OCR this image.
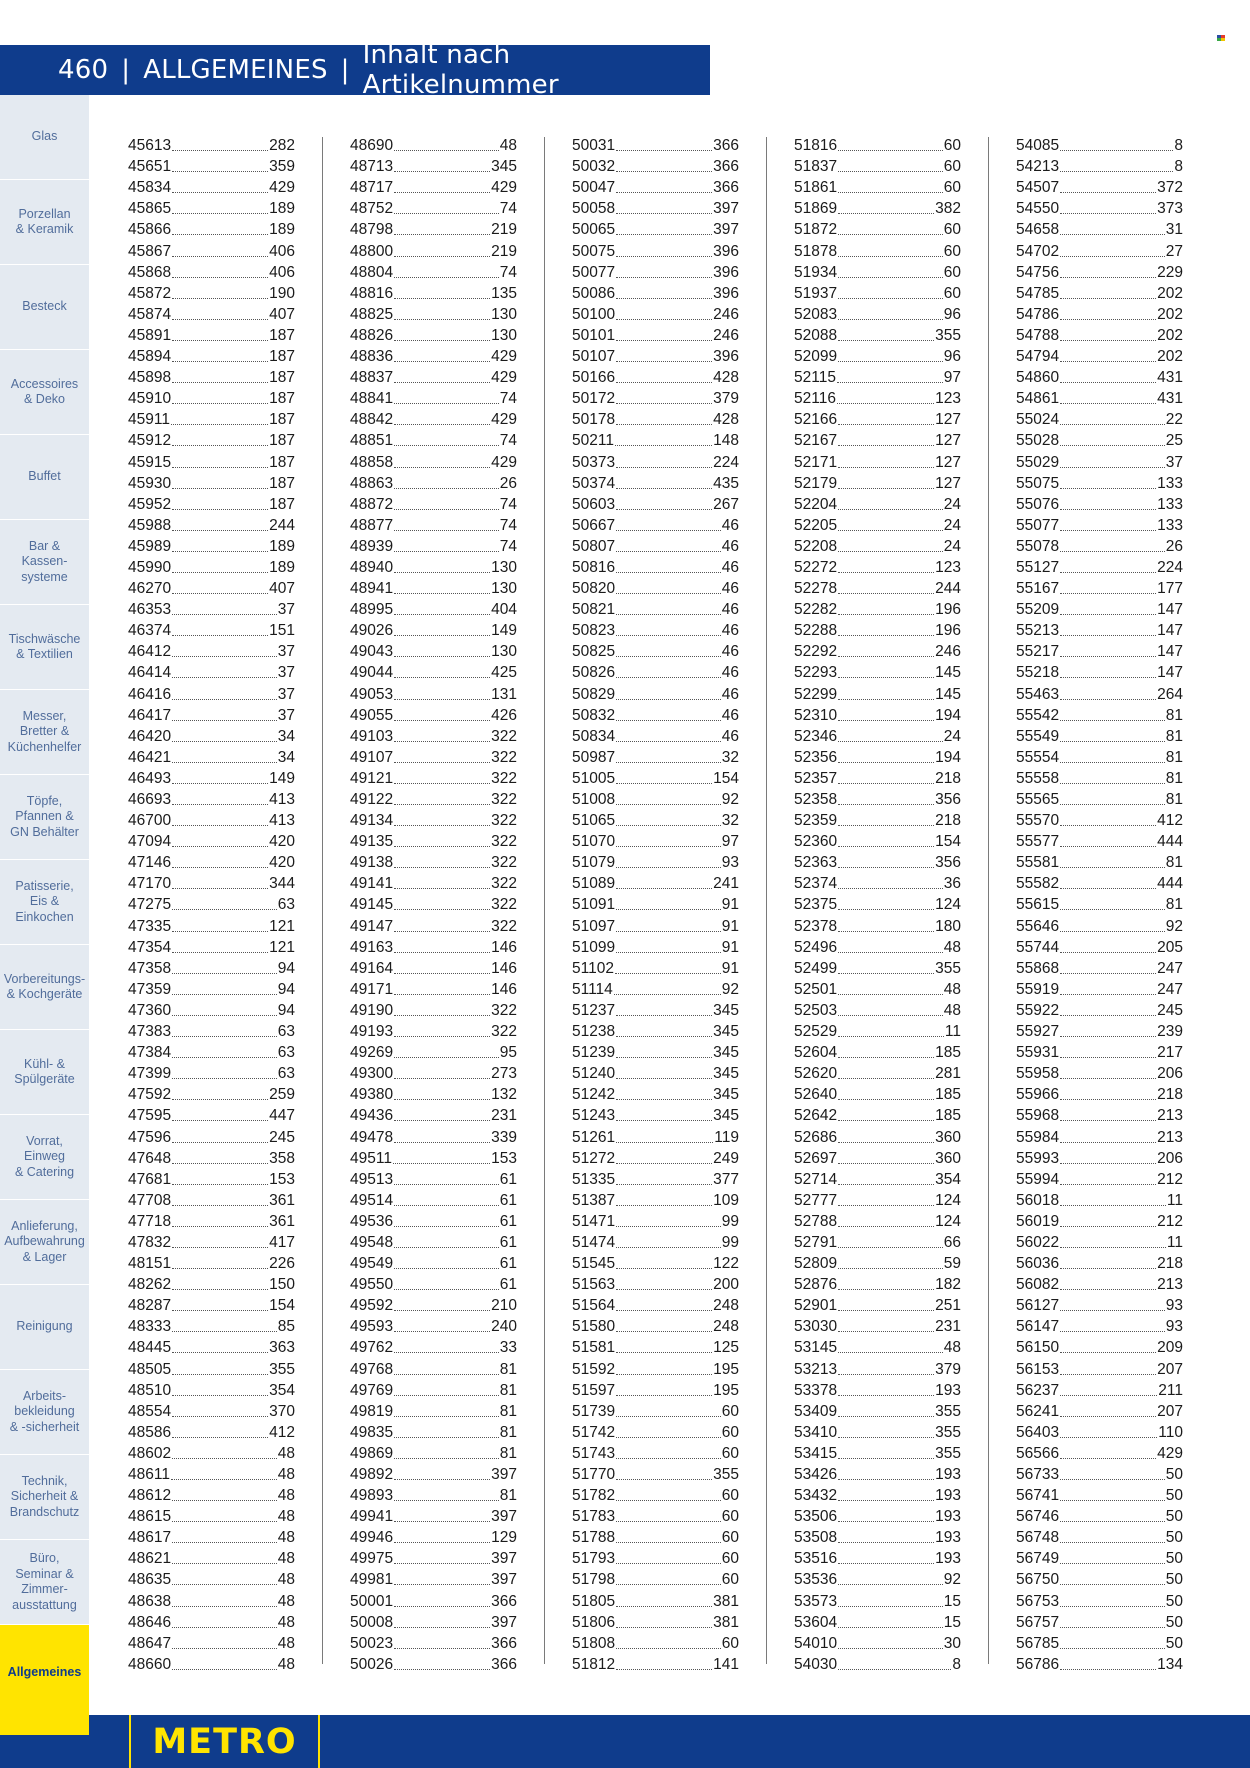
460 | ALLGEMEINES | Inhalt nach Artikelnummer
Glas
Porzellan
& Keramik
Besteck
Accessoires
& Deko
Buffet
Bar &
Kassen-
systeme
Tischwäsche
& Textilien
Messer,
Bretter &
Küchenhelfer
Töpfe,
Pfannen &
GN Behälter
Patisserie,
Eis &
Einkochen
Vorbereitungs-
& Kochgeräte
Kühl- &
Spülgeräte
Vorrat,
Einweg
& Catering
Anlieferung,
Aufbewahrung
& Lager
Reinigung
Arbeits-
bekleidung
& -sicherheit
Technik,
Sicherheit &
Brandschutz
Büro,
Seminar &
Zimmer-
ausstattung
Allgemeines
45613	282
45651	359
45834	429
45865	189
45866	189
45867	406
45868	406
45872	190
45874	407
45891	187
45894	187
45898	187
45910	187
45911	187
45912	187
45915	187
45930	187
45952	187
45988	244
45989	189
45990	189
46270	407
46353	37
46374	151
46412	37
46414	37
46416	37
46417	37
46420	34
46421	34
46493	149
46693	413
46700	413
47094	420
47146	420
47170	344
47275	63
47335	121
47354	121
47358	94
47359	94
47360	94
47383	63
47384	63
47399	63
47592	259
47595	447
47596	245
47648	358
47681	153
47708	361
47718	361
47832	417
48151	226
48262	150
48287	154
48333	85
48445	363
48505	355
48510	354
48554	370
48586	412
48602	48
48611	48
48612	48
48615	48
48617	48
48621	48
48635	48
48638	48
48646	48
48647	48
48660	48
48690	48
48713	345
48717	429
48752	74
48798	219
48800	219
48804	74
48816	135
48825	130
48826	130
48836	429
48837	429
48841	74
48842	429
48851	74
48858	429
48863	26
48872	74
48877	74
48939	74
48940	130
48941	130
48995	404
49026	149
49043	130
49044	425
49053	131
49055	426
49103	322
49107	322
49121	322
49122	322
49134	322
49135	322
49138	322
49141	322
49145	322
49147	322
49163	146
49164	146
49171	146
49190	322
49193	322
49269	95
49300	273
49380	132
49436	231
49478	339
49511	153
49513	61
49514	61
49536	61
49548	61
49549	61
49550	61
49592	210
49593	240
49762	33
49768	81
49769	81
49819	81
49835	81
49869	81
49892	397
49893	81
49941	397
49946	129
49975	397
49981	397
50001	366
50008	397
50023	366
50026	366
50031	366
50032	366
50047	366
50058	397
50065	397
50075	396
50077	396
50086	396
50100	246
50101	246
50107	396
50166	428
50172	379
50178	428
50211	148
50373	224
50374	435
50603	267
50667	46
50807	46
50816	46
50820	46
50821	46
50823	46
50825	46
50826	46
50829	46
50832	46
50834	46
50987	32
51005	154
51008	92
51065	32
51070	97
51079	93
51089	241
51091	91
51097	91
51099	91
51102	91
51114	92
51237	345
51238	345
51239	345
51240	345
51242	345
51243	345
51261	119
51272	249
51335	377
51387	109
51471	99
51474	99
51545	122
51563	200
51564	248
51580	248
51581	125
51592	195
51597	195
51739	60
51742	60
51743	60
51770	355
51782	60
51783	60
51788	60
51793	60
51798	60
51805	381
51806	381
51808	60
51812	141
51816	60
51837	60
51861	60
51869	382
51872	60
51878	60
51934	60
51937	60
52083	96
52088	355
52099	96
52115	97
52116	123
52166	127
52167	127
52171	127
52179	127
52204	24
52205	24
52208	24
52272	123
52278	244
52282	196
52288	196
52292	246
52293	145
52299	145
52310	194
52346	24
52356	194
52357	218
52358	356
52359	218
52360	154
52363	356
52374	36
52375	124
52378	180
52496	48
52499	355
52501	48
52503	48
52529	11
52604	185
52620	281
52640	185
52642	185
52686	360
52697	360
52714	354
52777	124
52788	124
52791	66
52809	59
52876	182
52901	251
53030	231
53145	48
53213	379
53378	193
53409	355
53410	355
53415	355
53426	193
53432	193
53506	193
53508	193
53516	193
53536	92
53573	15
53604	15
54010	30
54030	8
54085	8
54213	8
54507	372
54550	373
54658	31
54702	27
54756	229
54785	202
54786	202
54788	202
54794	202
54860	431
54861	431
55024	22
55028	25
55029	37
55075	133
55076	133
55077	133
55078	26
55127	224
55167	177
55209	147
55213	147
55217	147
55218	147
55463	264
55542	81
55549	81
55554	81
55558	81
55565	81
55570	412
55577	444
55581	81
55582	444
55615	81
55646	92
55744	205
55868	247
55919	247
55922	245
55927	239
55931	217
55958	206
55966	218
55968	213
55984	213
55993	206
55994	212
56018	11
56019	212
56022	11
56036	218
56082	213
56127	93
56147	93
56150	209
56153	207
56237	211
56241	207
56403	110
56566	429
56733	50
56741	50
56746	50
56748	50
56749	50
56750	50
56753	50
56757	50
56785	50
56786	134
METRO
